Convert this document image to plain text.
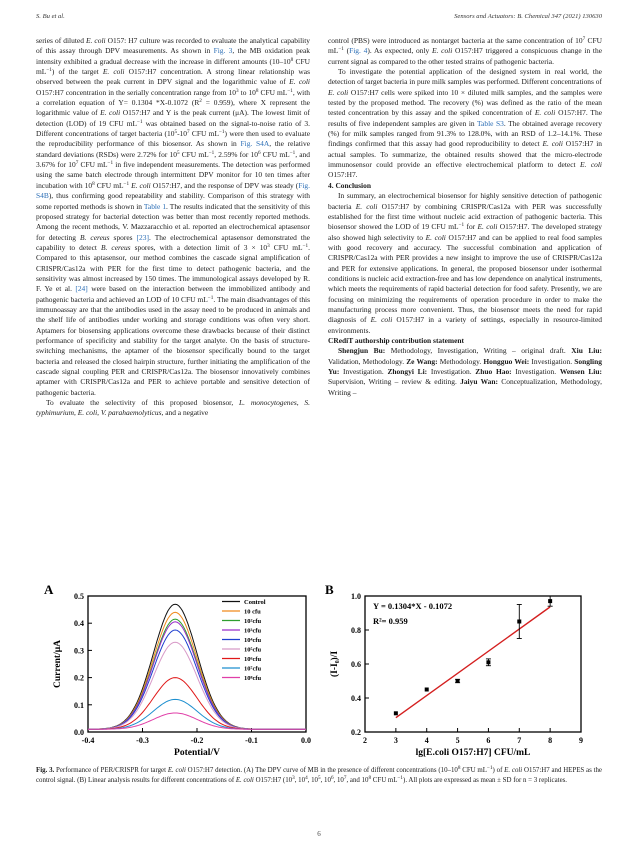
S. Bu et al.	Sensors and Actuators: B. Chemical 347 (2021) 130630

series of diluted E. coli O157: H7 culture was recorded to evaluate the analytical capability of this assay through DPV measurements. As shown in Fig. 3, the MB oxidation peak intensity exhibited a gradual decrease with the increase in different amounts ($10-10^8$ CFU $mL^{-1}$) of the target E. coli O157:H7 concentration. A strong linear relationship was observed between the peak current in DPV signal and the logarithmic value of E. coli O157:H7 concentration in the serially concentration range from $10^3$ to $10^8$ CFU $mL^{-1}$, with a correlation equation of Y= 0.1304 *X-0.1072 $(R^2 = 0.959)$, where X represent the logarithmic value of E. coli O157:H7 and Y is the peak current (μA). The lowest limit of detection (LOD) of 19 CFU $mL^{-1}$ was obtained based on the signal-to-noise ratio of 3. Different concentrations of target bacteria ($10^5-10^7$ CFU $mL^{-1}$) were then used to evaluate the reproducibility performance of this biosensor. As shown in Fig. S4A, the relative standard deviations (RSDs) were 2.72% for $10^5$ CFU $mL^{-1}$, 2.59% for $10^6$ CFU $mL^{-1}$, and 3.67% for $10^7$ CFU $mL^{-1}$ in five independent measurements. The detection was performed using the same batch electrode through intermittent DPV monitor for 10 ten times after incubation with $10^8$ CFU $mL^{-1}$ E. coli O157:H7, and the response of DPV was steady (Fig. S4B), thus confirming good repeatability and stability. Comparison of this strategy with some reported methods is shown in Table 1. The results indicated that the sensitivity of this proposed strategy for bacterial detection was better than most recently reported methods. Among the recent methods, V. Mazzaracchio et al. reported an electrochemical aptasensor for detecting B. cereus spores [23]. The electrochemical aptasensor demonstrated the capability to detect B. cereus spores, with a detection limit of $3 \times 10^3$ CFU $mL^{-1}$. Compared to this aptasensor, our method combines the cascade signal amplification of CRISPR/Cas12a with PER for the first time to detect pathogenic bacteria, and the sensitivity was almost increased by 150 times. The immunological assays developed by R. F. Ye et al. [24] were based on the interaction between the immobilized antibody and pathogenic bacteria and achieved an LOD of 10 CFU $mL^{-1}$. The main disadvantages of this immunoassay are that the antibodies used in the assay need to be produced in animals and the shelf life of antibodies under working and storage conditions was often very short. Aptamers for biosensing applications overcome these drawbacks because of their distinct performance of specificity and stability for the target analyte. On the basis of structure-switching mechanisms, the aptamer of the biosensor specifically bound to the target bacteria and released the closed hairpin structure, further initiating the amplification of the cascade signal coupling PER and CRISPR/Cas12a. The biosensor innovatively combines aptamer with CRISPR/Cas12a and PER to achieve portable and sensitive detection of pathogenic bacteria.

To evaluate the selectivity of this proposed biosensor, L. monocytogenes, S. typhimurium, E. coli, V. parahaemolyticus, and a negative

control (PBS) were introduced as nontarget bacteria at the same concentration of $10^7$ CFU $mL^{-1}$ (Fig. 4). As expected, only E. coli O157:H7 triggered a conspicuous change in the current signal as compared to the other tested strains of pathogenic bacteria.

To investigate the potential application of the designed system in real world, the detection of target bacteria in pure milk samples was performed. Different concentrations of E. coli O157:H7 cells were spiked into 10 × diluted milk samples, and the samples were tested by the proposed method. The recovery (%) was defined as the ratio of the mean tested concentration by this assay and the spiked concentration of E. coli O157:H7. The results of five independent samples are given in Table S3. The obtained average recovery (%) for milk samples ranged from 91.3% to 128.0%, with an RSD of 1.2–14.1%. These findings confirmed that this assay had good reproducibility to detect E. coli O157:H7 in actual samples. To summarize, the obtained results showed that the micro-electrode immunosensor could provide an effective electrochemical platform to detect E. coli O157:H7.

4. Conclusion

In summary, an electrochemical biosensor for highly sensitive detection of pathogenic bacteria E. coli O157:H7 by combining CRISPR/Cas12a with PER was successfully established for the first time without nucleic acid extraction of pathogenic bacteria. This biosensor showed the LOD of 19 CFU $mL^{-1}$ for E. coli O157:H7. The developed strategy also showed high selectivity to E. coli O157:H7 and can be applied to real food samples with good recovery and accuracy. The successful combination and application of CRISPR/Cas12a with PER provides a new insight to improve the use of CRISPR/Cas12a and PER for extensive applications. In general, the proposed biosensor under isothermal conditions is nucleic acid extraction-free and has low dependence on analytical instruments, which meets the requirements of rapid bacterial detection for food safety. Presently, we are focusing on minimizing the requirements of operation procedure in order to make the manufacturing process more convenient. Thus, the biosensor meets the need for rapid diagnosis of E. coli O157:H7 in a variety of settings, especially in resource-limited environments.

CRediT authorship contribution statement

Shengjun Bu: Methodology, Investigation, Writing – original draft. Xiu Liu: Validation, Methodology. Ze Wang: Methodology. Hongguo Wei: Investigation. Songling Yu: Investigation. Zhongyi Li: Investigation. Zhuo Hao: Investigation. Wensen Liu: Supervision, Writing – review & editing. Jaiyu Wan: Conceptualization, Methodology, Writing –

A
0.0
0.1
0.2
0.3
0.4
0.5
-0.4	-0.3	-0.2	-0.1	0.0
Potential/V
Current/μA
Control
10 cfu
10²cfu
10³cfu
10⁴cfu
10⁵cfu
10⁶cfu
10⁷cfu
10⁸cfu
B
0.2
0.4
0.6
0.8
1.0
2	3	4	5	6	7	8	9
lg[E.coli O157:H7] CFU/mL
(I-I₀)/I
Y = 0.1304*X - 0.1072
R²= 0.959
Fig. 3. Performance of PER/CRISPR for target E. coli O157:H7 detection. (A) The DPV curve of MB in the presence of different concentrations ($10-10^8$ CFU $mL^{-1}$) of E. coli O157:H7 and HEPES as the control signal. (B) Linear analysis results for different concentrations of E. coli O157:H7 ($10^3$, $10^4$, $10^5$, $10^6$, $10^7$, and $10^8$ CFU $mL^{-1}$). All plots are expressed as mean ± SD for n = 3 replicates.
6
